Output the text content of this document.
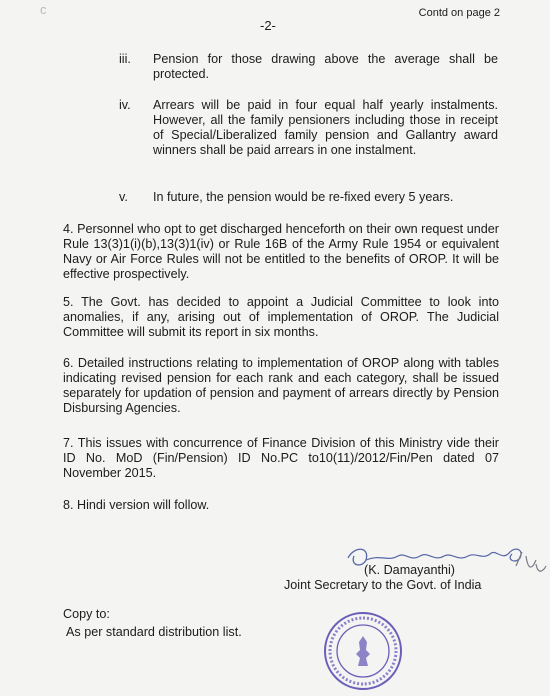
c	Contd on page 2
-2-
iii. Pension for those drawing above the average shall be protected.
iv. Arrears will be paid in four equal half yearly instalments. However, all the family pensioners including those in receipt of Special/Liberalized family pension and Gallantry award winners shall be paid arrears in one instalment.
v. In future, the pension would be re-fixed every 5 years.
4. Personnel who opt to get discharged henceforth on their own request under Rule 13(3)1(i)(b),13(3)1(iv) or Rule 16B of the Army Rule 1954 or equivalent Navy or Air Force Rules will not be entitled to the benefits of OROP. It will be effective prospectively.
5. The Govt. has decided to appoint a Judicial Committee to look into anomalies, if any, arising out of implementation of OROP. The Judicial Committee will submit its report in six months.
6. Detailed instructions relating to implementation of OROP along with tables indicating revised pension for each rank and each category, shall be issued separately for updation of pension and payment of arrears directly by Pension Disbursing Agencies.
7. This issues with concurrence of Finance Division of this Ministry vide their ID No. MoD (Fin/Pension) ID No.PC to10(11)/2012/Fin/Pen dated 07 November 2015.
8. Hindi version will follow.
(K. Damayanthi)
Joint Secretary to the Govt. of India
Copy to:
As per standard distribution list.
